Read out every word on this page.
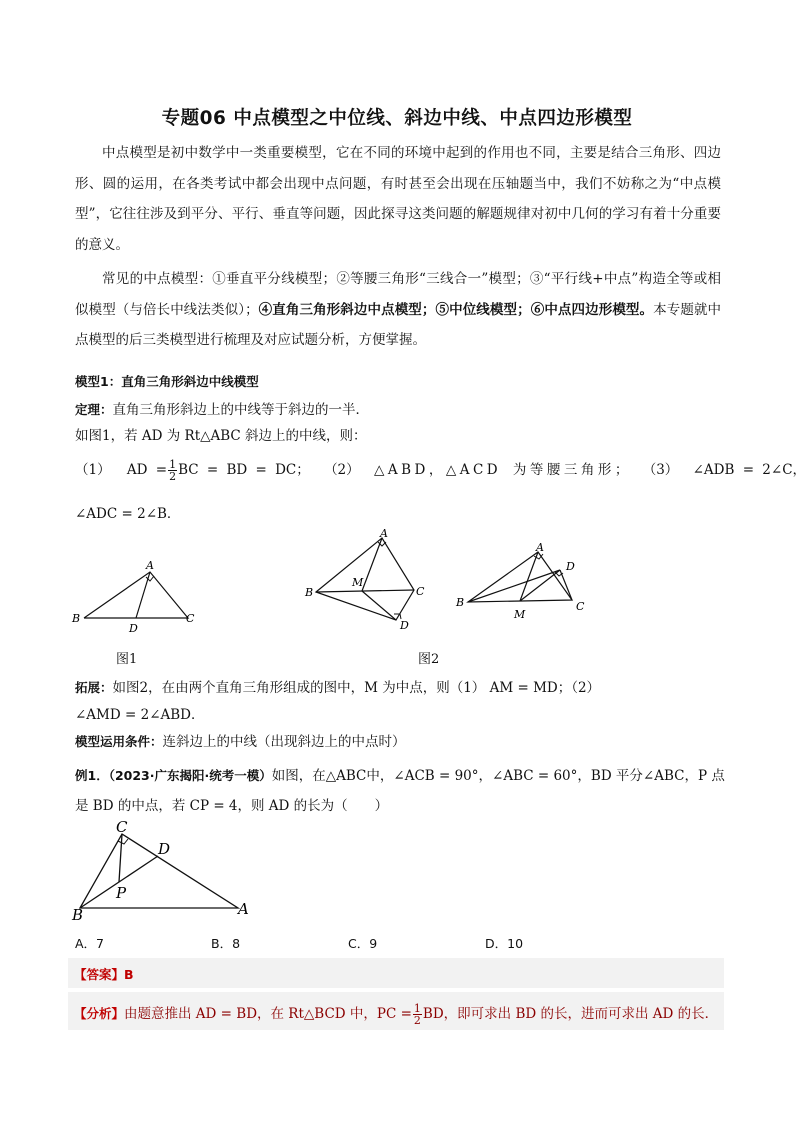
专题06 中点模型之中位线、斜边中线、中点四边形模型
中点模型是初中数学中一类重要模型，它在不同的环境中起到的作用也不同，主要是结合三角形、四边形、圆的运用，在各类考试中都会出现中点问题，有时甚至会出现在压轴题当中，我们不妨称之为“中点模型”，它往往涉及到平分、平行、垂直等问题，因此探寻这类问题的解题规律对初中几何的学习有着十分重要的意义。
常见的中点模型：①垂直平分线模型；②等腰三角形“三线合一”模型；③“平行线+中点”构造全等或相似模型（与倍长中线法类似）；④直角三角形斜边中点模型；⑤中位线模型；⑥中点四边形模型。本专题就中点模型的后三类模型进行梳理及对应试题分析，方便掌握。
模型1：直角三角形斜边中线模型
定理：直角三角形斜边上的中线等于斜边的一半．
如图1，若 AD 为 Rt△ABC 斜边上的中线，则：
（1） AD = $\frac{1}{2}$ BC = BD = DC； （2） △ABD，△ACD 为等腰三角形； （3） ∠ADB = 2∠C，
∠ADC = 2∠B．
A
B	C
D
图1
A
B	C
D
M
图2
A
B	C
D
M
拓展：如图2，在由两个直角三角形组成的图中，M 为中点，则（1） AM = MD；（2）
∠AMD = 2∠ABD．
模型运用条件：连斜边上的中线（出现斜边上的中点时）
例1．（2023·广东揭阳·统考一模）如图，在△ABC中，∠ACB = 90°，∠ABC = 60°，BD 平分∠ABC，P 点
是 BD 的中点，若 CP = 4，则 AD 的长为（　　）
C
B	A
D
P
A．7	B．8	C．9	D．10
【答案】B
【分析】由题意推出 AD = BD，在 Rt△BCD 中，PC = $\frac{1}{2}$ BD，即可求出 BD 的长，进而可求出 AD 的长．
